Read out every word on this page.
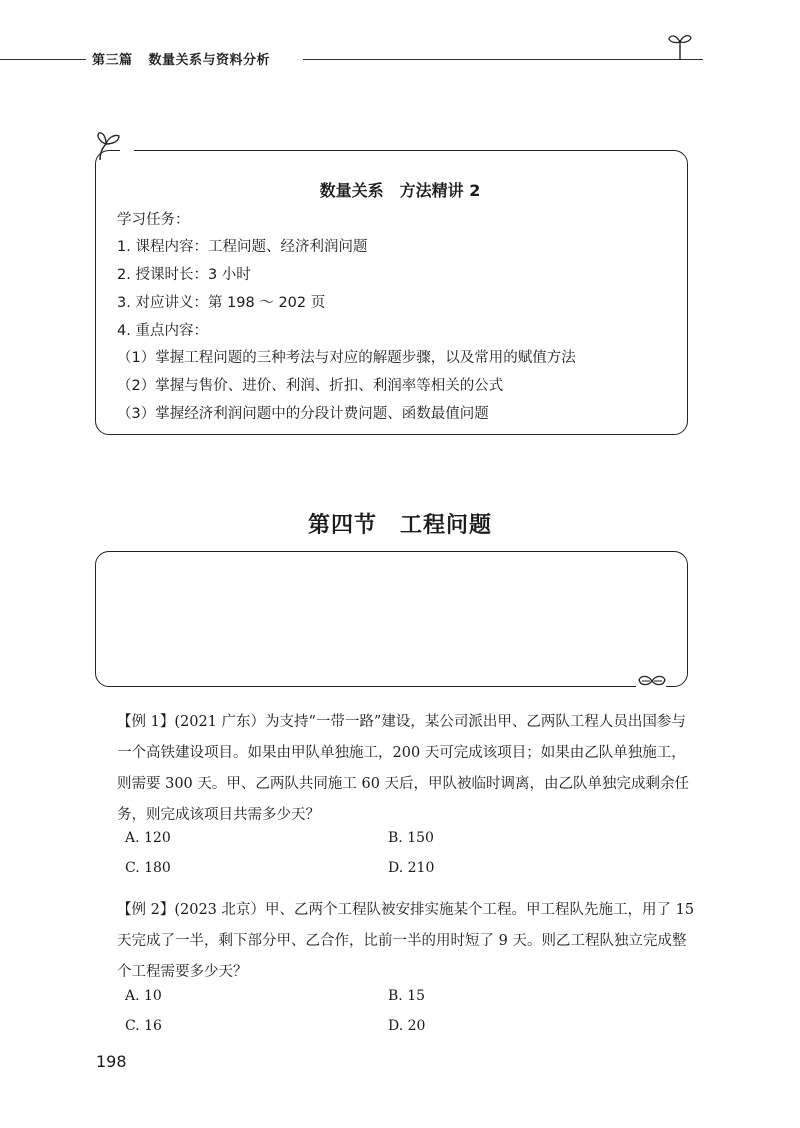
第三篇 数量关系与资料分析
数量关系　方法精讲 2
学习任务：
1. 课程内容：工程问题、经济利润问题
2. 授课时长：3 小时
3. 对应讲义：第 198 ～ 202 页
4. 重点内容：
（1）掌握工程问题的三种考法与对应的解题步骤，以及常用的赋值方法
（2）掌握与售价、进价、利润、折扣、利润率等相关的公式
（3）掌握经济利润问题中的分段计费问题、函数最值问题
第四节　工程问题
【例 1】(2021 广东）为支持“一带一路”建设，某公司派出甲、乙两队工程人员出国参与一个高铁建设项目。如果由甲队单独施工，200 天可完成该项目；如果由乙队单独施工，则需要 300 天。甲、乙两队共同施工 60 天后，甲队被临时调离，由乙队单独完成剩余任务，则完成该项目共需多少天？
A. 120	B. 150
C. 180	D. 210
【例 2】(2023 北京）甲、乙两个工程队被安排实施某个工程。甲工程队先施工，用了 15 天完成了一半，剩下部分甲、乙合作，比前一半的用时短了 9 天。则乙工程队独立完成整个工程需要多少天？
A. 10	B. 15
C. 16	D. 20
198
